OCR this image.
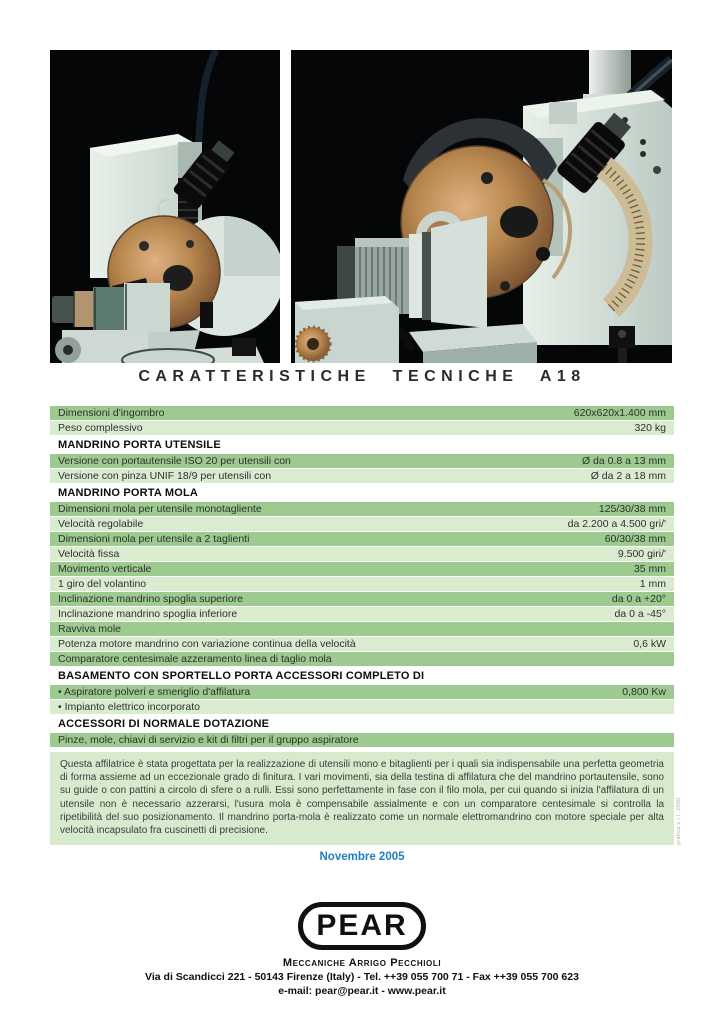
CARATTERISTICHE TECNICHE A18
Dimensioni d'ingombro	620x620x1.400 mm
Peso complessivo	320 kg
MANDRINO PORTA UTENSILE
Versione con portautensile ISO 20 per utensili con	Ø da 0.8 a 13 mm
Versione con pinza UNIF 18/9 per utensili con	Ø da 2 a 18 mm
MANDRINO PORTA MOLA
Dimensioni mola per utensile monotagliente	125/30/38 mm
Velocità regolabile	da 2.200 a 4.500 gri/'
Dimensioni mola per utensile a 2 taglienti	60/30/38 mm
Velocità fissa	9.500 giri/'
Movimento verticale	35 mm
1 giro del volantino	1 mm
Inclinazione mandrino spoglia superiore	da 0 a +20°
Inclinazione mandrino spoglia inferiore	da 0 a -45°
Ravviva mole
Potenza motore mandrino con variazione continua della velocità	0,6 kW
Comparatore centesimale azzeramento linea di taglio mola
BASAMENTO CON SPORTELLO PORTA ACCESSORI COMPLETO DI
• Aspiratore polveri e smeriglio d'affilatura	0,800 Kw
• Impianto elettrico incorporato
ACCESSORI DI NORMALE DOTAZIONE
Pinze, mole, chiavi di servizio e kit di filtri per il gruppo aspiratore
Questa affilatrice è stata progettata per la realizzazione di utensili mono e bitaglienti per i quali sia indispensabile una perfetta geometria di forma assieme ad un eccezionale grado di finitura. I vari movimenti, sia della testina di affilatura che del mandrino portautensile, sono su guide o con pattini a circolo di sfere o a rulli. Essi sono perfettamente in fase con il filo mola, per cui quando si inizia l'affilatura di un utensile non è necessario azzerarsi, l'usura mola è compensabile assialmente e con un comparatore centesimale si controlla la ripetibilità del suo posizionamento. Il mandrino porta-mola è realizzato come un normale elettromandrino con motore speciale per alta velocità incapsulato fra cuscinetti di precisione.
Novembre 2005
grafica s.r.l. 2000
PEAR
Meccaniche Arrigo Pecchioli
Via di Scandicci 221 - 50143 Firenze (Italy) - Tel. ++39 055 700 71 - Fax ++39 055 700 623
e-mail: pear@pear.it - www.pear.it
